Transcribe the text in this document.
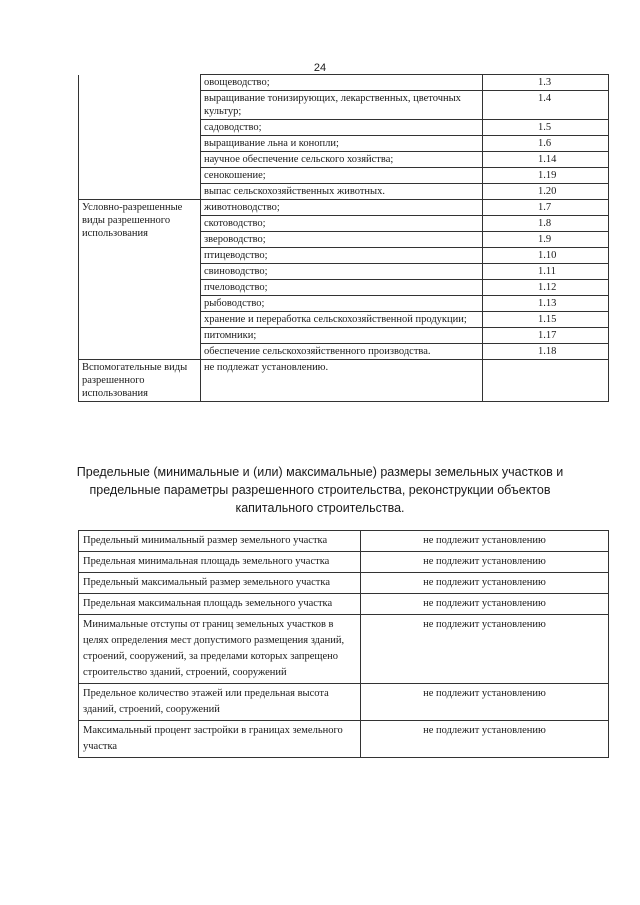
24
	овощеводство;	1.3
	выращивание тонизирующих, лекарственных, цветочных культур;	1.4
	садоводство;	1.5
	выращивание льна и конопли;	1.6
	научное обеспечение сельского хозяйства;	1.14
	сенокошение;	1.19
	выпас сельскохозяйственных животных.	1.20
Условно-разрешенные виды разрешенного использования	животноводство;	1.7
	скотоводство;	1.8
	звероводство;	1.9
	птицеводство;	1.10
	свиноводство;	1.11
	пчеловодство;	1.12
	рыбоводство;	1.13
	хранение и переработка сельскохозяйственной продукции;	1.15
	питомники;	1.17
	обеспечение сельскохозяйственного производства.	1.18
Вспомогательные виды разрешенного использования	не подлежат установлению.	
Предельные (минимальные и (или) максимальные) размеры земельных участков и предельные параметры разрешенного строительства, реконструкции объектов капитального строительства.
Предельный минимальный размер земельного участка	не подлежит установлению
Предельная минимальная площадь земельного участка	не подлежит установлению
Предельный максимальный размер земельного участка	не подлежит установлению
Предельная максимальная площадь земельного участка	не подлежит установлению
Минимальные отступы от границ земельных участков в целях определения мест допустимого размещения зданий, строений, сооружений, за пределами которых запрещено строительство зданий, строений, сооружений	не подлежит установлению
Предельное количество этажей или предельная высота зданий, строений, сооружений	не подлежит установлению
Максимальный процент застройки в границах земельного участка	не подлежит установлению
